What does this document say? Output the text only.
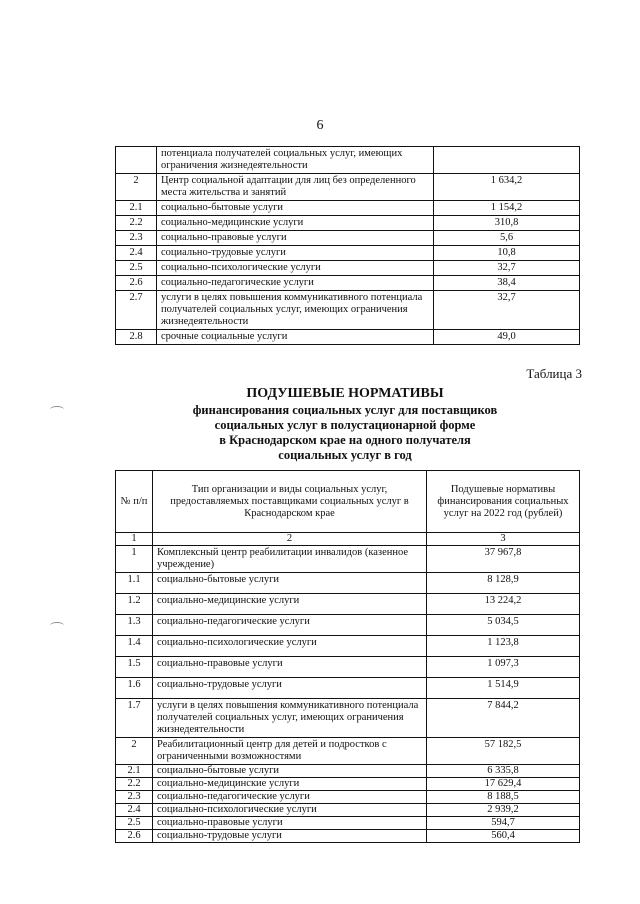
6
	потенциала получателей социальных услуг, имеющих ограничения жизнедеятельности	
2	Центр социальной адаптации для лиц без определенного места жительства и занятий	1 634,2
2.1	социально-бытовые услуги	1 154,2
2.2	социально-медицинские услуги	310,8
2.3	социально-правовые услуги	5,6
2.4	социально-трудовые услуги	10,8
2.5	социально-психологические услуги	32,7
2.6	социально-педагогические услуги	38,4
2.7	услуги в целях повышения коммуникативного потенциала получателей социальных услуг, имеющих ограничения жизнедеятельности	32,7
2.8	срочные социальные услуги	49,0
Таблица 3
ПОДУШЕВЫЕ НОРМАТИВЫ
финансирования социальных услуг для поставщиков
социальных услуг в полустационарной форме
в Краснодарском крае на одного получателя
социальных услуг в год
№ п/п	Тип организации и виды социальных услуг, предоставляемых поставщиками социальных услуг в Краснодарском крае	Подушевые нормативы финансирования социальных услуг на 2022 год (рублей)
1	2	3
1	Комплексный центр реабилитации инвалидов (казенное учреждение)	37 967,8
1.1	социально-бытовые услуги	8 128,9
1.2	социально-медицинские услуги	13 224,2
1.3	социально-педагогические услуги	5 034,5
1.4	социально-психологические услуги	1 123,8
1.5	социально-правовые услуги	1 097,3
1.6	социально-трудовые услуги	1 514,9
1.7	услуги в целях повышения коммуникативного потенциала получателей социальных услуг, имеющих ограничения жизнедеятельности	7 844,2
2	Реабилитационный центр для детей и подростков с ограниченными возможностями	57 182,5
2.1	социально-бытовые услуги	6 335,8
2.2	социально-медицинские услуги	17 629,4
2.3	социально-педагогические услуги	8 188,5
2.4	социально-психологические услуги	2 939,2
2.5	социально-правовые услуги	594,7
2.6	социально-трудовые услуги	560,4
